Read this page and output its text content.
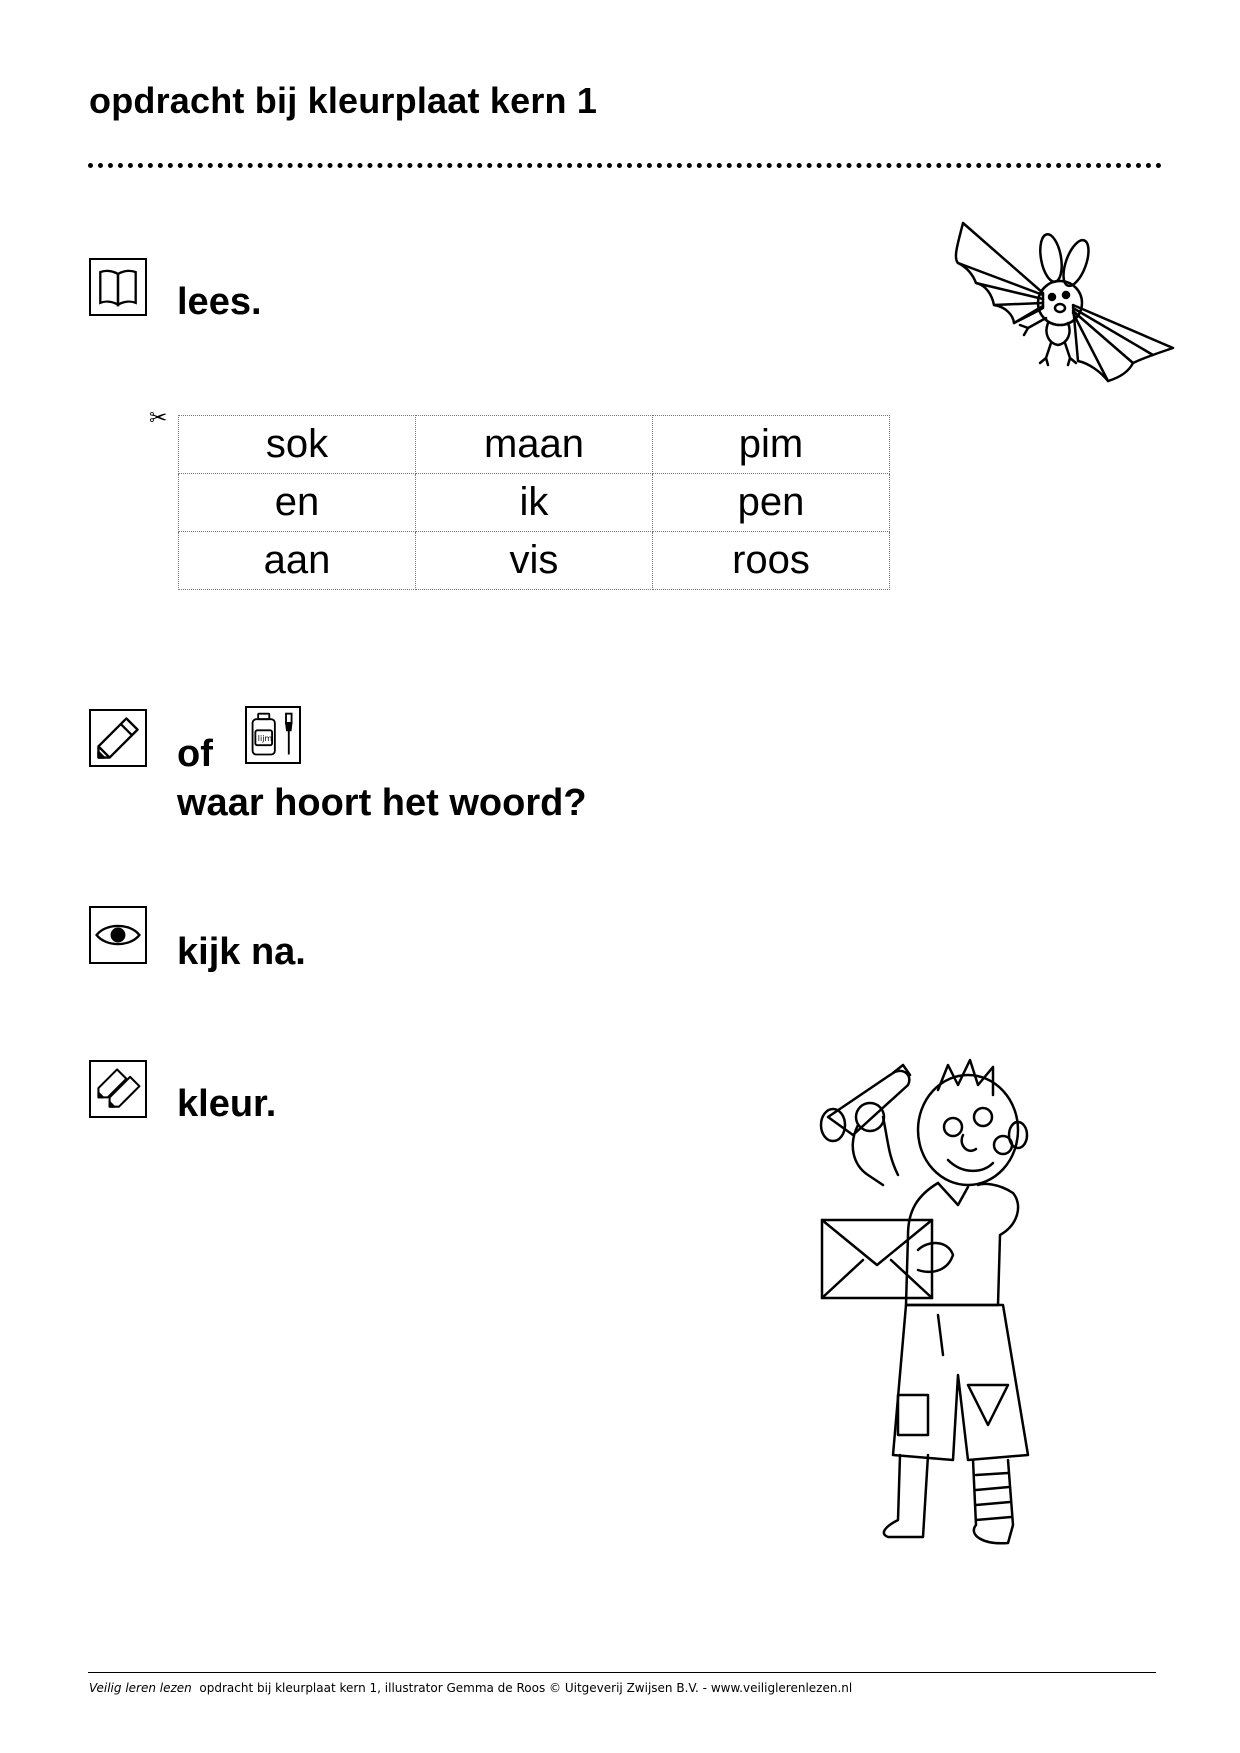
opdracht bij kleurplaat kern 1
lees.
✂
sok	maan	pim
en	ik	pen
aan	vis	roos
lijm
of
waar hoort het woord?
kijk na.
kleur.
Veilig leren lezen opdracht bij kleurplaat kern 1, illustrator Gemma de Roos © Uitgeverij Zwijsen B.V. - www.veiliglerenlezen.nl
